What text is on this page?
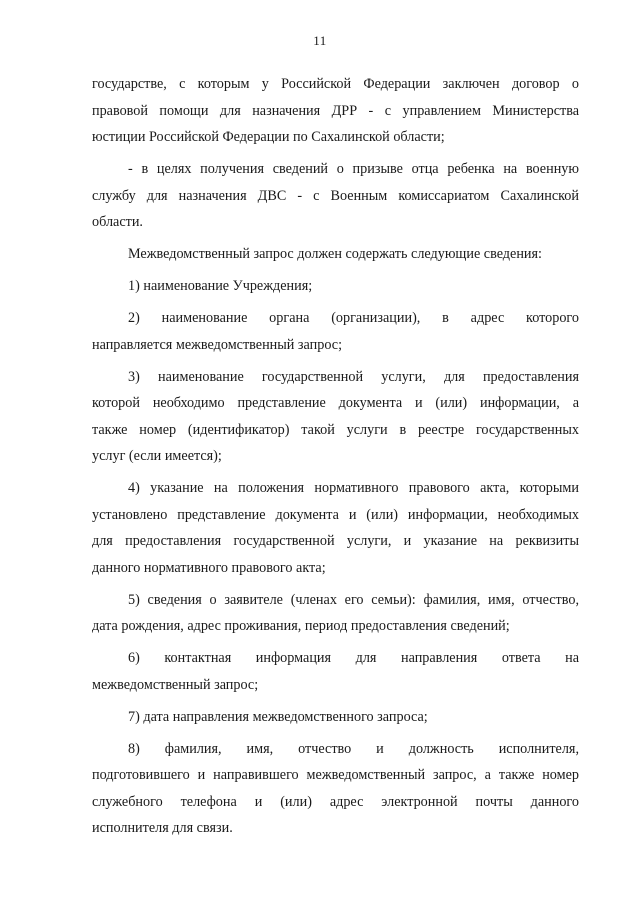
11
государстве, с которым у Российской Федерации заключен договор о
правовой помощи для назначения ДРР - с управлением Министерства
юстиции Российской Федерации по Сахалинской области;
- в целях получения сведений о призыве отца ребенка на военную
службу для назначения ДВС - с Военным комиссариатом Сахалинской
области.
Межведомственный запрос должен содержать следующие сведения:
1) наименование Учреждения;
2) наименование органа (организации), в адрес которого
направляется межведомственный запрос;
3) наименование государственной услуги, для предоставления
которой необходимо представление документа и (или) информации, а
также номер (идентификатор) такой услуги в реестре государственных
услуг (если имеется);
4) указание на положения нормативного правового акта, которыми
установлено представление документа и (или) информации, необходимых
для предоставления государственной услуги, и указание на реквизиты
данного нормативного правового акта;
5) сведения о заявителе (членах его семьи): фамилия, имя, отчество,
дата рождения, адрес проживания, период предоставления сведений;
6) контактная информация для направления ответа на
межведомственный запрос;
7) дата направления межведомственного запроса;
8) фамилия, имя, отчество и должность исполнителя,
подготовившего и направившего межведомственный запрос, а также номер
служебного телефона и (или) адрес электронной почты данного
исполнителя для связи.
